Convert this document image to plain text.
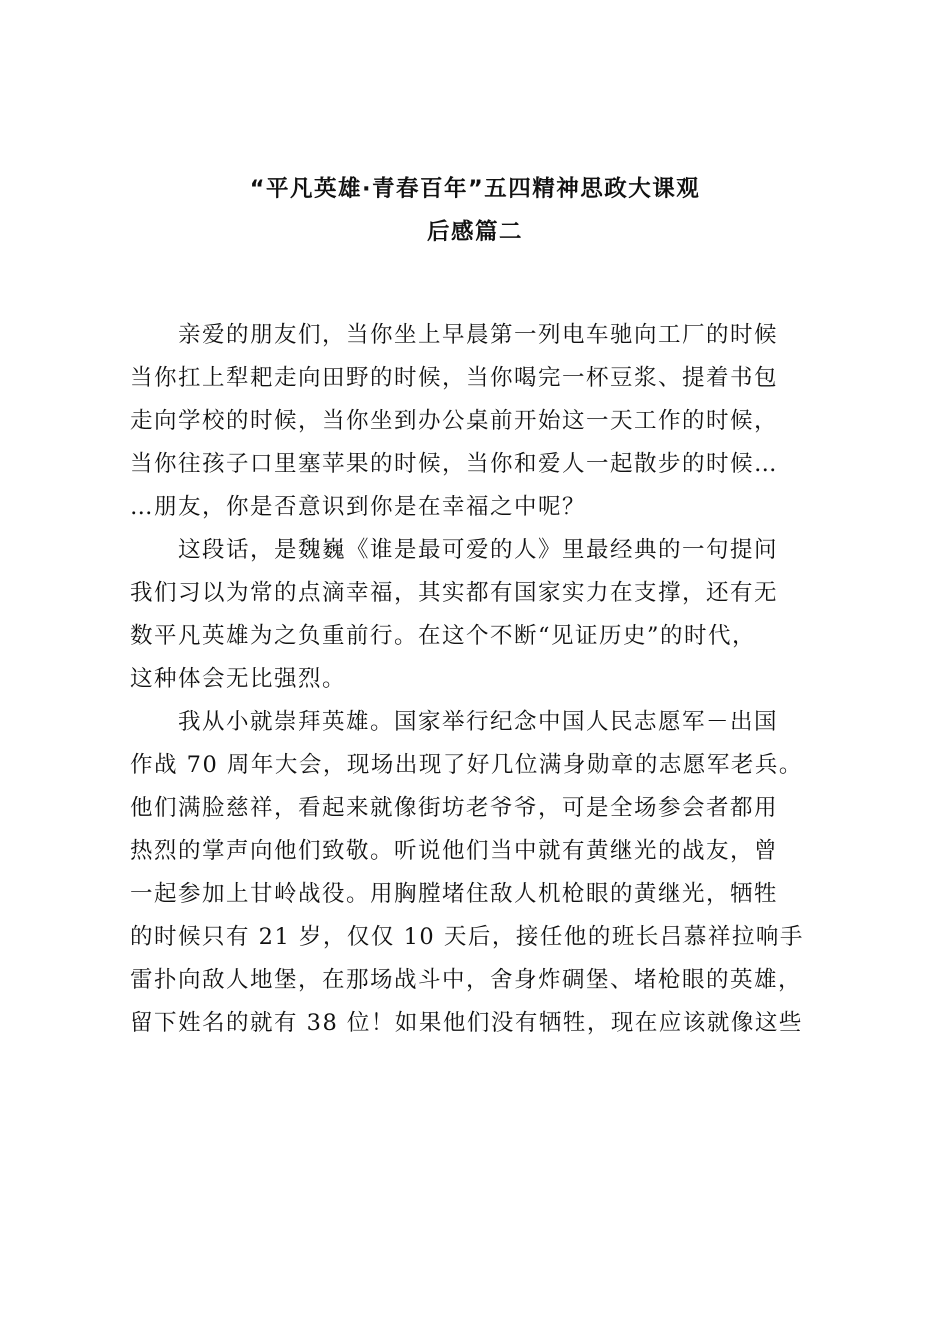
“平凡英雄·青春百年”五四精神思政大课观
后感篇二
亲爱的朋友们，当你坐上早晨第一列电车驰向工厂的时候
当你扛上犁耙走向田野的时候，当你喝完一杯豆浆、提着书包
走向学校的时候，当你坐到办公桌前开始这一天工作的时候，
当你往孩子口里塞苹果的时候，当你和爱人一起散步的时候…
…朋友，你是否意识到你是在幸福之中呢？
这段话，是魏巍《谁是最可爱的人》里最经典的一句提问
我们习以为常的点滴幸福，其实都有国家实力在支撑，还有无
数平凡英雄为之负重前行。在这个不断“见证历史”的时代，
这种体会无比强烈。
我从小就崇拜英雄。国家举行纪念中国人民志愿军－出国
作战 70 周年大会，现场出现了好几位满身勋章的志愿军老兵。
他们满脸慈祥，看起来就像街坊老爷爷，可是全场参会者都用
热烈的掌声向他们致敬。听说他们当中就有黄继光的战友，曾
一起参加上甘岭战役。用胸膛堵住敌人机枪眼的黄继光，牺牲
的时候只有 21 岁，仅仅 10 天后，接任他的班长吕慕祥拉响手
雷扑向敌人地堡，在那场战斗中，舍身炸碉堡、堵枪眼的英雄，
留下姓名的就有 38 位！如果他们没有牺牲，现在应该就像这些
